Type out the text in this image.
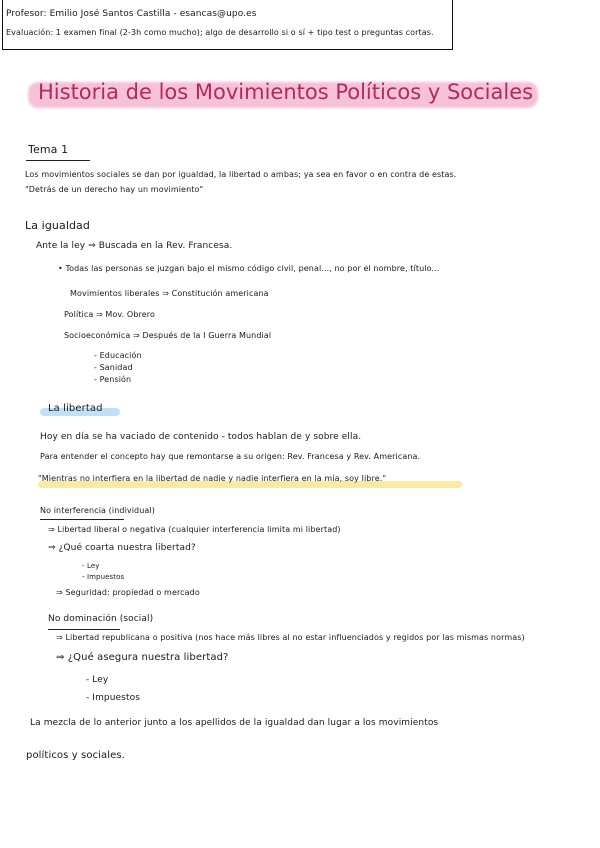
Profesor: Emilio José Santos Castilla - esancas@upo.es
Evaluación: 1 examen final (2-3h como mucho); algo de desarrollo si o sí + tipo test o preguntas cortas.
Historia de los Movimientos Políticos y Sociales
Tema 1
Los movimientos sociales se dan por igualdad, la libertad o ambas; ya sea en favor o en contra de estas.
"Detrás de un derecho hay un movimiento"
La igualdad
Ante la ley ⇒ Buscada en la Rev. Francesa.
• Todas las personas se juzgan bajo el mismo código civil, penal..., no por el nombre, título...
Movimientos liberales ⇒ Constitución americana
Política ⇒ Mov. Obrero
Socioeconómica ⇒ Después de la I Guerra Mundial
- Educación
- Sanidad
- Pensión
La libertad
Hoy en día se ha vaciado de contenido - todos hablan de y sobre ella.
Para entender el concepto hay que remontarse a su origen: Rev. Francesa y Rev. Americana.
"Mientras no interfiera en la libertad de nadie y nadie interfiera en la mía, soy libre."
No interferencia (individual)
⇒ Libertad liberal o negativa (cualquier interferencia limita mi libertad)
⇒ ¿Qué coarta nuestra libertad?
- Ley
- Impuestos
⇒ Seguridad: propiedad o mercado
No dominación (social)
⇒ Libertad republicana o positiva (nos hace más libres al no estar influenciados y regidos por las mismas normas)
⇒ ¿Qué asegura nuestra libertad?
- Ley
- Impuestos
La mezcla de lo anterior junto a los apellidos de la igualdad dan lugar a los movimientos
políticos y sociales.
